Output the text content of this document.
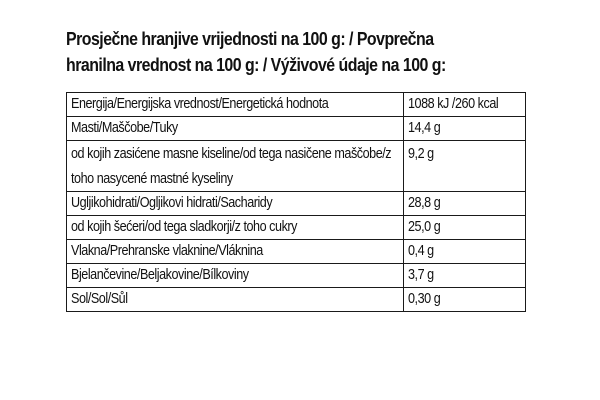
Prosječne hranjive vrijednosti na 100 g: / Povprečna
hranilna vrednost na 100 g: / Výživové údaje na 100 g:
Energija/Energijska vrednost/Energetická hodnota	1088 kJ /260 kcal
Masti/Maščobe/Tuky	14,4 g
od kojih zasićene masne kiseline/od tega nasičene maščobe/z toho nasycené mastné kyseliny	9,2 g
Ugljikohidrati/Ogljikovi hidrati/Sacharidy	28,8 g
od kojih šećeri/od tega sladkorji/z toho cukry	25,0 g
Vlakna/Prehranske vlaknine/Vláknina	0,4 g
Bjelančevine/Beljakovine/Bílkoviny	3,7 g
Sol/Sol/Sůl	0,30 g
